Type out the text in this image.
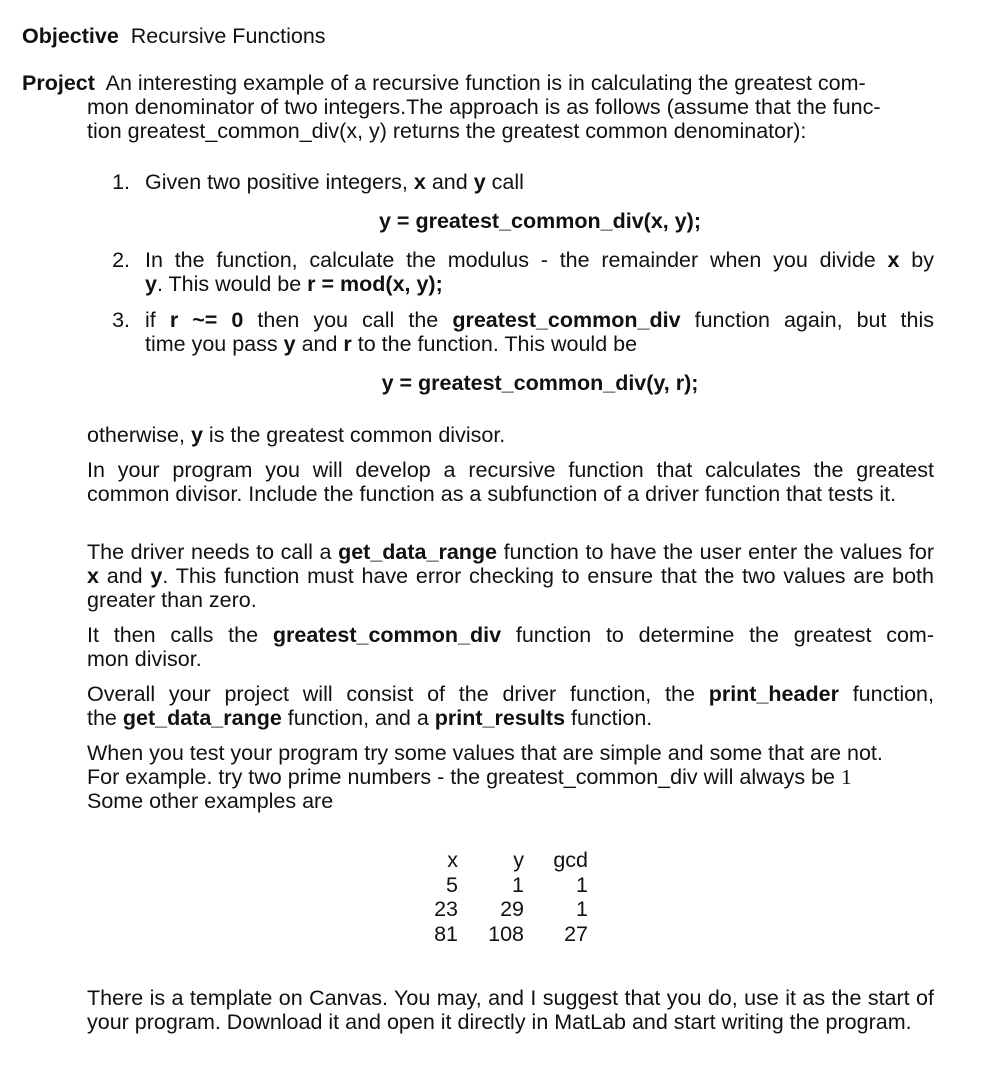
Objective Recursive Functions
Project An interesting example of a recursive function is in calculating the greatest com-
mon denominator of two integers.The approach is as follows (assume that the func-
tion greatest_common_div(x, y) returns the greatest common denominator):
1. Given two positive integers, x and y call
y = greatest_common_div(x, y);
2. In the function, calculate the modulus - the remainder when you divide x by
y. This would be r = mod(x, y);
3. if r ~= 0 then you call the greatest_common_div function again, but this
time you pass y and r to the function. This would be
y = greatest_common_div(y, r);
otherwise, y is the greatest common divisor.
In your program you will develop a recursive function that calculates the greatest common divisor. Include the function as a subfunction of a driver function that tests it.
The driver needs to call a get_data_range function to have the user enter the values for x and y. This function must have error checking to ensure that the two values are both greater than zero.
It then calls the greatest_common_div function to determine the greatest com-
mon divisor.
Overall your project will consist of the driver function, the print_header function,
the get_data_range function, and a print_results function.
When you test your program try some values that are simple and some that are not.
For example. try two prime numbers - the greatest_common_div will always be 1
Some other examples are
x	y	gcd
5	1	1
23	29	1
81	108	27
There is a template on Canvas. You may, and I suggest that you do, use it as the start of your program. Download it and open it directly in MatLab and start writing the program.
